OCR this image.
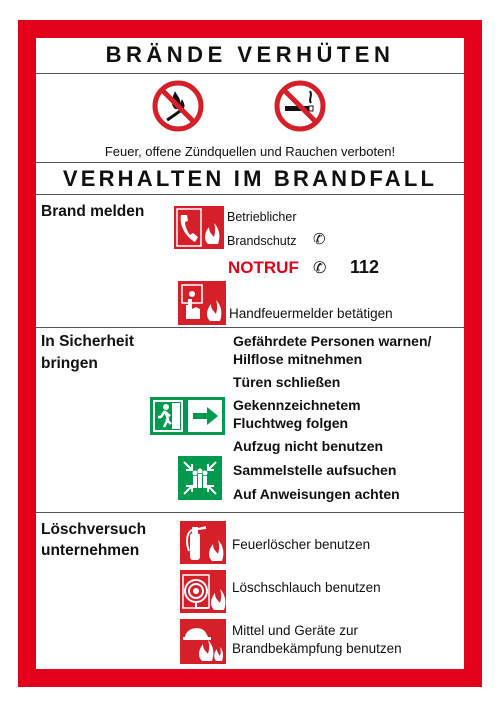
BRÄNDE VERHÜTEN
Feuer, offene Zündquellen und Rauchen verboten!
VERHALTEN IM BRANDFALL
Brand melden	Betrieblicher
Brandschutz ✆
NOTRUF ✆ 112
Handfeuermelder betätigen
In Sicherheit
bringen
Gefährdete Personen warnen/
Hilflose mitnehmen
Türen schließen
Gekennzeichnetem
Fluchtweg folgen
Aufzug nicht benutzen
Sammelstelle aufsuchen
Auf Anweisungen achten
Löschversuch
unternehmen	Feuerlöscher benutzen
Löschschlauch benutzen
Mittel und Geräte zur
Brandbekämpfung benutzen
